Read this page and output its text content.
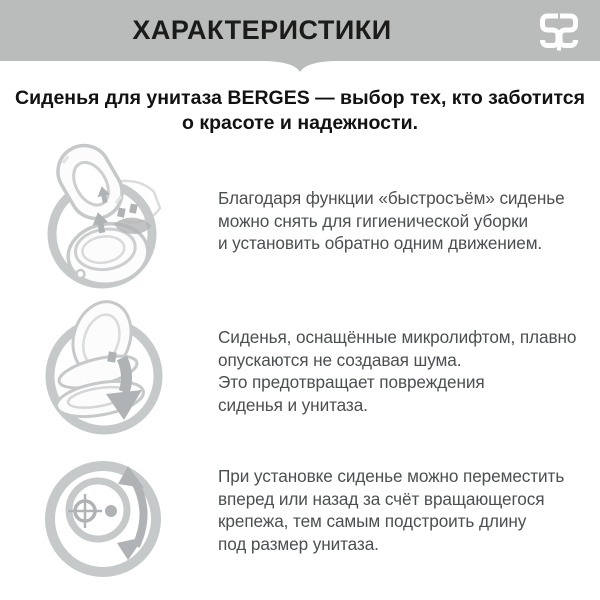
ХАРАКТЕРИСТИКИ
Сиденья для унитаза BERGES — выбор тех, кто заботится
о красоте и надежности.
Благодаря функции «быстросъём» сиденье
можно снять для гигиенической уборки
и установить обратно одним движением.
Сиденья, оснащённые микролифтом, плавно
опускаются не создавая шума.
Это предотвращает повреждения
сиденья и унитаза.
При установке сиденье можно переместить
вперед или назад за счёт вращающегося
крепежа, тем самым подстроить длину
под размер унитаза.
